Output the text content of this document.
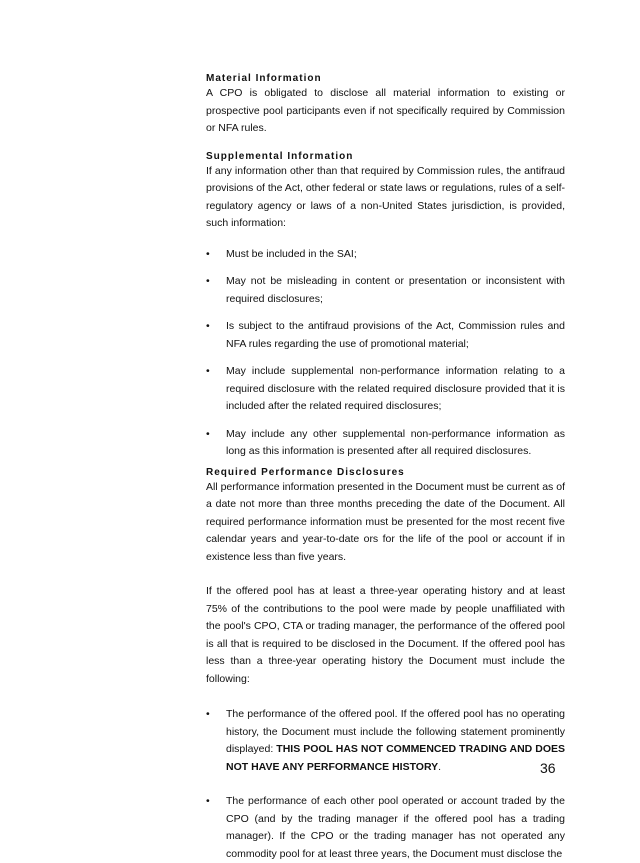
Material Information

A CPO is obligated to disclose all material information to existing or prospective pool participants even if not specifically required by Commission or NFA rules.

Supplemental Information

If any information other than that required by Commission rules, the antifraud provisions of the Act, other federal or state laws or regulations, rules of a self-regulatory agency or laws of a non-United States jurisdiction, is provided, such information:

• Must be included in the SAI;
• May not be misleading in content or presentation or inconsistent with required disclosures;
• Is subject to the antifraud provisions of the Act, Commission rules and NFA rules regarding the use of promotional material;
• May include supplemental non-performance information relating to a required disclosure with the related required disclosure provided that it is included after the related required disclosures;
• May include any other supplemental non-performance information as long as this information is presented after all required disclosures.
Required Performance Disclosures

All performance information presented in the Document must be current as of a date not more than three months preceding the date of the Document. All required performance information must be presented for the most recent five calendar years and year-to-date ors for the life of the pool or account if in existence less than five years.

If the offered pool has at least a three-year operating history and at least 75% of the contributions to the pool were made by people unaffiliated with the pool's CPO, CTA or trading manager, the performance of the offered pool is all that is required to be disclosed in the Document. If the offered pool has less than a three-year operating history the Document must include the following:

• The performance of the offered pool. If the offered pool has no operating history, the Document must include the following statement prominently displayed: THIS POOL HAS NOT COMMENCED TRADING AND DOES NOT HAVE ANY PERFORMANCE HISTORY.
• The performance of each other pool operated or account traded by the CPO (and by the trading manager if the offered pool has a trading manager). If the CPO or the trading manager has not operated any commodity pool for at least three years, the Document must disclose the
36
